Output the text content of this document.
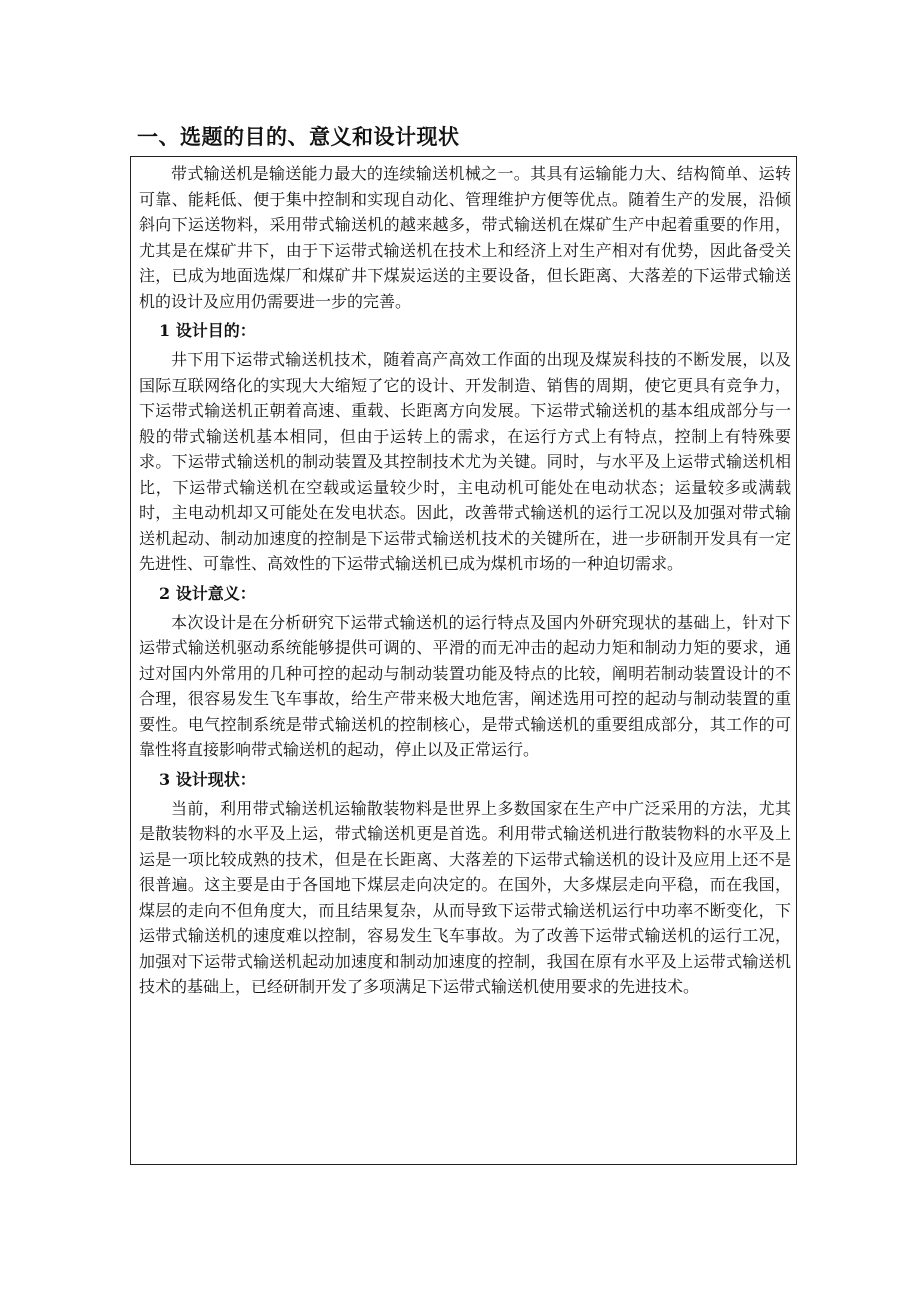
一、选题的目的、意义和设计现状

带式输送机是输送能力最大的连续输送机械之一。其具有运输能力大、结构简单、运转可靠、能耗低、便于集中控制和实现自动化、管理维护方便等优点。随着生产的发展，沿倾斜向下运送物料，采用带式输送机的越来越多，带式输送机在煤矿生产中起着重要的作用，尤其是在煤矿井下，由于下运带式输送机在技术上和经济上对生产相对有优势，因此备受关注，已成为地面选煤厂和煤矿井下煤炭运送的主要设备，但长距离、大落差的下运带式输送机的设计及应用仍需要进一步的完善。

1 设计目的：

井下用下运带式输送机技术，随着高产高效工作面的出现及煤炭科技的不断发展，以及国际互联网络化的实现大大缩短了它的设计、开发制造、销售的周期，使它更具有竞争力，下运带式输送机正朝着高速、重载、长距离方向发展。下运带式输送机的基本组成部分与一般的带式输送机基本相同，但由于运转上的需求，在运行方式上有特点，控制上有特殊要求。下运带式输送机的制动装置及其控制技术尤为关键。同时，与水平及上运带式输送机相比，下运带式输送机在空载或运量较少时，主电动机可能处在电动状态；运量较多或满载时，主电动机却又可能处在发电状态。因此，改善带式输送机的运行工况以及加强对带式输送机起动、制动加速度的控制是下运带式输送机技术的关键所在，进一步研制开发具有一定先进性、可靠性、高效性的下运带式输送机已成为煤机市场的一种迫切需求。

2 设计意义：

本次设计是在分析研究下运带式输送机的运行特点及国内外研究现状的基础上，针对下运带式输送机驱动系统能够提供可调的、平滑的而无冲击的起动力矩和制动力矩的要求，通过对国内外常用的几种可控的起动与制动装置功能及特点的比较，阐明若制动装置设计的不合理，很容易发生飞车事故，给生产带来极大地危害，阐述选用可控的起动与制动装置的重要性。电气控制系统是带式输送机的控制核心，是带式输送机的重要组成部分，其工作的可靠性将直接影响带式输送机的起动，停止以及正常运行。

3 设计现状：

当前，利用带式输送机运输散装物料是世界上多数国家在生产中广泛采用的方法，尤其是散装物料的水平及上运，带式输送机更是首选。利用带式输送机进行散装物料的水平及上运是一项比较成熟的技术，但是在长距离、大落差的下运带式输送机的设计及应用上还不是很普遍。这主要是由于各国地下煤层走向决定的。在国外，大多煤层走向平稳，而在我国，煤层的走向不但角度大，而且结果复杂，从而导致下运带式输送机运行中功率不断变化，下运带式输送机的速度难以控制，容易发生飞车事故。为了改善下运带式输送机的运行工况，加强对下运带式输送机起动加速度和制动加速度的控制，我国在原有水平及上运带式输送机技术的基础上，已经研制开发了多项满足下运带式输送机使用要求的先进技术。
